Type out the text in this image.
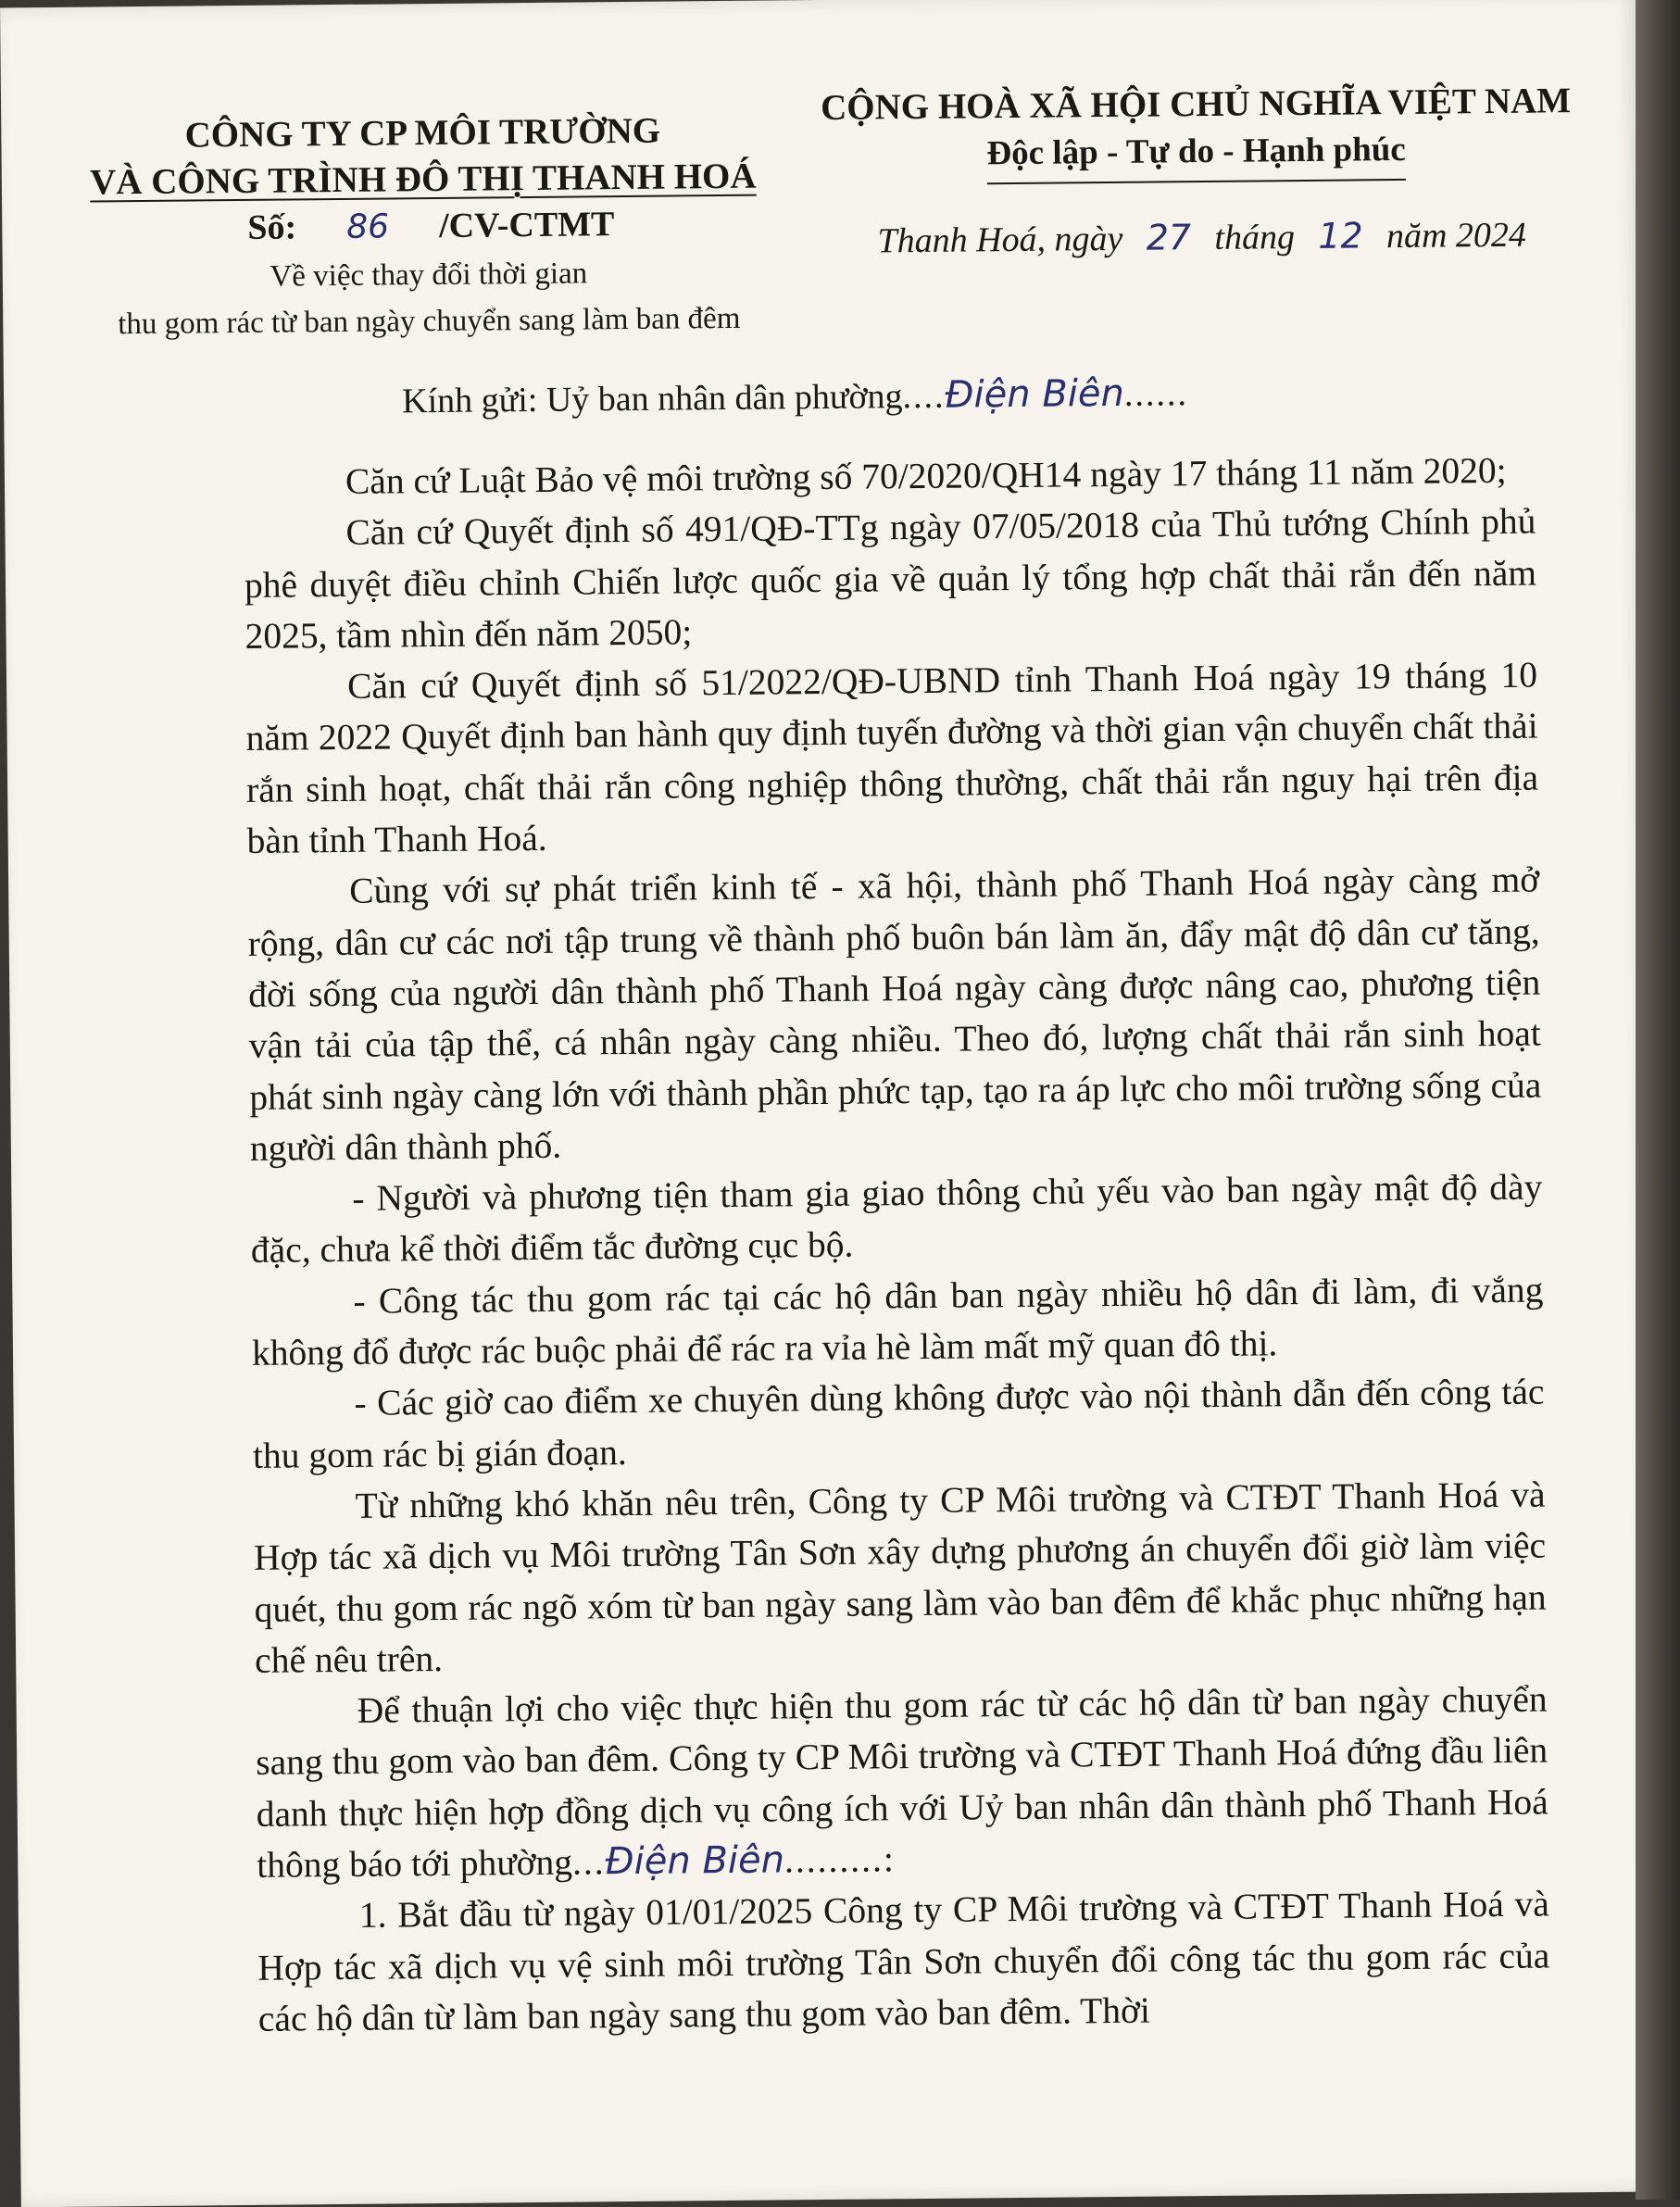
CÔNG TY CP MÔI TRƯỜNG
VÀ CÔNG TRÌNH ĐÔ THỊ THANH HOÁ
Số: 86 /CV-CTMT
Về việc thay đổi thời gian
thu gom rác từ ban ngày chuyển sang làm ban đêm
CỘNG HOÀ XÃ HỘI CHỦ NGHĨA VIỆT NAM
Độc lập - Tự do - Hạnh phúc
Thanh Hoá, ngày 27 tháng 12 năm 2024
Kính gửi: Uỷ ban nhân dân phường....Điện Biên......

Căn cứ Luật Bảo vệ môi trường số 70/2020/QH14 ngày 17 tháng 11 năm 2020;

Căn cứ Quyết định số 491/QĐ-TTg ngày 07/05/2018 của Thủ tướng Chính phủ phê duyệt điều chỉnh Chiến lược quốc gia về quản lý tổng hợp chất thải rắn đến năm 2025, tầm nhìn đến năm 2050;

Căn cứ Quyết định số 51/2022/QĐ-UBND tỉnh Thanh Hoá ngày 19 tháng 10 năm 2022 Quyết định ban hành quy định tuyến đường và thời gian vận chuyển chất thải rắn sinh hoạt, chất thải rắn công nghiệp thông thường, chất thải rắn nguy hại trên địa bàn tỉnh Thanh Hoá.

Cùng với sự phát triển kinh tế - xã hội, thành phố Thanh Hoá ngày càng mở rộng, dân cư các nơi tập trung về thành phố buôn bán làm ăn, đẩy mật độ dân cư tăng, đời sống của người dân thành phố Thanh Hoá ngày càng được nâng cao, phương tiện vận tải của tập thể, cá nhân ngày càng nhiều. Theo đó, lượng chất thải rắn sinh hoạt phát sinh ngày càng lớn với thành phần phức tạp, tạo ra áp lực cho môi trường sống của người dân thành phố.

- Người và phương tiện tham gia giao thông chủ yếu vào ban ngày mật độ dày đặc, chưa kể thời điểm tắc đường cục bộ.

- Công tác thu gom rác tại các hộ dân ban ngày nhiều hộ dân đi làm, đi vắng không đổ được rác buộc phải để rác ra vỉa hè làm mất mỹ quan đô thị.

- Các giờ cao điểm xe chuyên dùng không được vào nội thành dẫn đến công tác thu gom rác bị gián đoạn.

Từ những khó khăn nêu trên, Công ty CP Môi trường và CTĐT Thanh Hoá và Hợp tác xã dịch vụ Môi trường Tân Sơn xây dựng phương án chuyển đổi giờ làm việc quét, thu gom rác ngõ xóm từ ban ngày sang làm vào ban đêm để khắc phục những hạn chế nêu trên.

Để thuận lợi cho việc thực hiện thu gom rác từ các hộ dân từ ban ngày chuyển sang thu gom vào ban đêm. Công ty CP Môi trường và CTĐT Thanh Hoá đứng đầu liên danh thực hiện hợp đồng dịch vụ công ích với Uỷ ban nhân dân thành phố Thanh Hoá thông báo tới phường...Điện Biên.........:

1. Bắt đầu từ ngày 01/01/2025 Công ty CP Môi trường và CTĐT Thanh Hoá và Hợp tác xã dịch vụ vệ sinh môi trường Tân Sơn chuyển đổi công tác thu gom rác của các hộ dân từ làm ban ngày sang thu gom vào ban đêm. Thời
